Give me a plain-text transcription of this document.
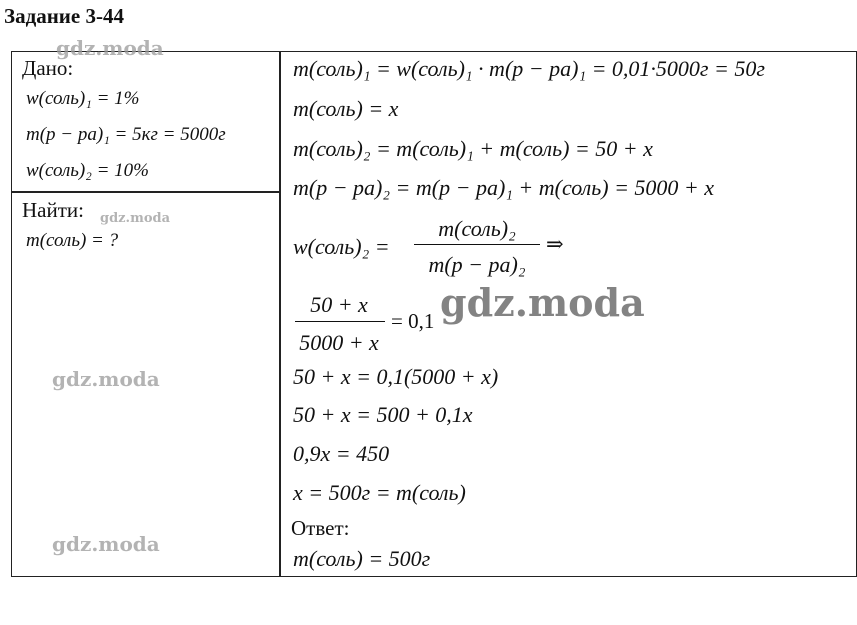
Задание 3-44
Дано:
w(соль)₁ = 1%
m(р − ра)₁ = 5кг = 5000г
w(соль)₂ = 10%
Найти:
m(соль) = ?
m(соль)₁ = w(соль)₁ · m(р − ра)₁ = 0,01·5000г = 50г
m(соль) = x
m(соль)₂ = m(соль)₁ + m(соль) = 50 + x
m(р − ра)₂ = m(р − ра)₁ + m(соль) = 5000 + x
w(соль)₂ =
m(соль)₂
m(р − ра)₂
⇒
50 + x
5000 + x
= 0,1
50 + x = 0,1(5000 + x)
50 + x = 500 + 0,1x
0,9x = 450
x = 500г = m(соль)
Ответ:
m(соль) = 500г
gdz.moda
gdz.moda
gdz.moda
gdz.moda
gdz.moda
